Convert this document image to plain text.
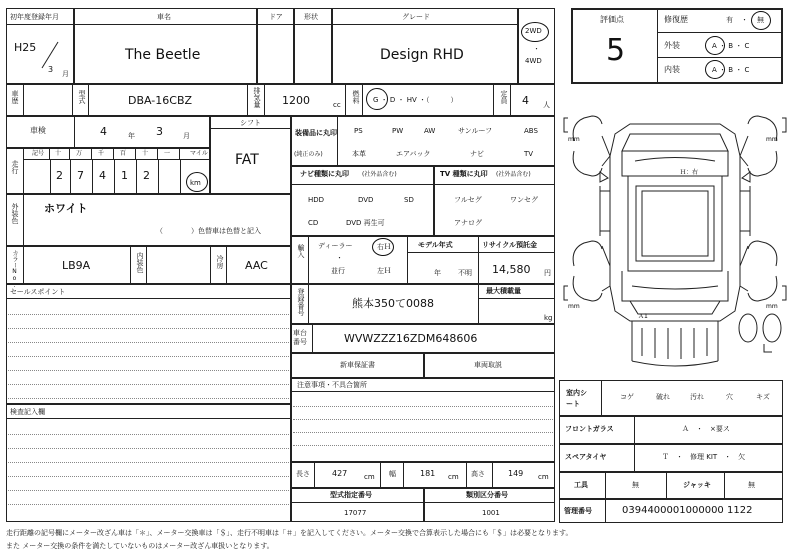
初年度登録年月
H25
3 月
車名
The Beetle
ドア	形状	グレード
Design RHD
2WD
・
4WD
評価点
5
修復歴	有 ・ 無
外装	A ・ B ・ C
内装	A ・ B ・ C
車歴	型式	DBA-16CBZ	排気量 1200	cc
燃料 G ・ D ・ HV ・（　　　）	定員 4 人
車検	4	年 3	月
走行
記号 十 万	千	百	十	一	マイル
2 7 4 1 2
km
シフト
FAT
外装色 ホワイト
（　　　　）色替車は色替と記入
カラーNo.	LB9A	内装色	冷房 AAC
セールスポイント
検査記入欄
装備品に丸印
(純正のみ)
PS	PW	AW	サンルーフ	ABS
本革	エアバック	ナビ	TV
ナビ種類に丸印 (社外品含む)
HDD	DVD	SD
CD	DVD 再生可
TV 種類に丸印 (社外品含む)
フルセグ	ワンセグ
アナログ
輸入 ディーラー
・
並行
右Ｈ
左Ｈ
モデル年式
年 不明
リサイクル預託金
14,580 円
登録番号	熊本350て0088
最大積載量
kg
車台番号	WVWZZZ16ZDM648606
新車保証書	車両取説
注意事項・不具合箇所
長さ	427 cm 幅	181 cm 高さ	149 cm
型式指定番号
17077
類別区分番号
1001
mm	mm
mm	mm
Ｈ：右
Ａ1
室内シート
コゲ	破れ	汚れ	穴	キズ
フロントガラス	Ａ　・　×要ス
スペアタイヤ	Ｔ　・　修理 KIT　・　欠
工具	無	ジャッキ	無
管理番号	0394400001000000 1122
走行距離の記号欄にメーター改ざん車は「＊」、メーター交換車は「＄」、走行不明車は「＃」を記入してください。メーター交換で合算表示した場合にも「＄」は必要となります。
また メーター交換の条件を満たしていないものはメーター改ざん車扱いとなります。
